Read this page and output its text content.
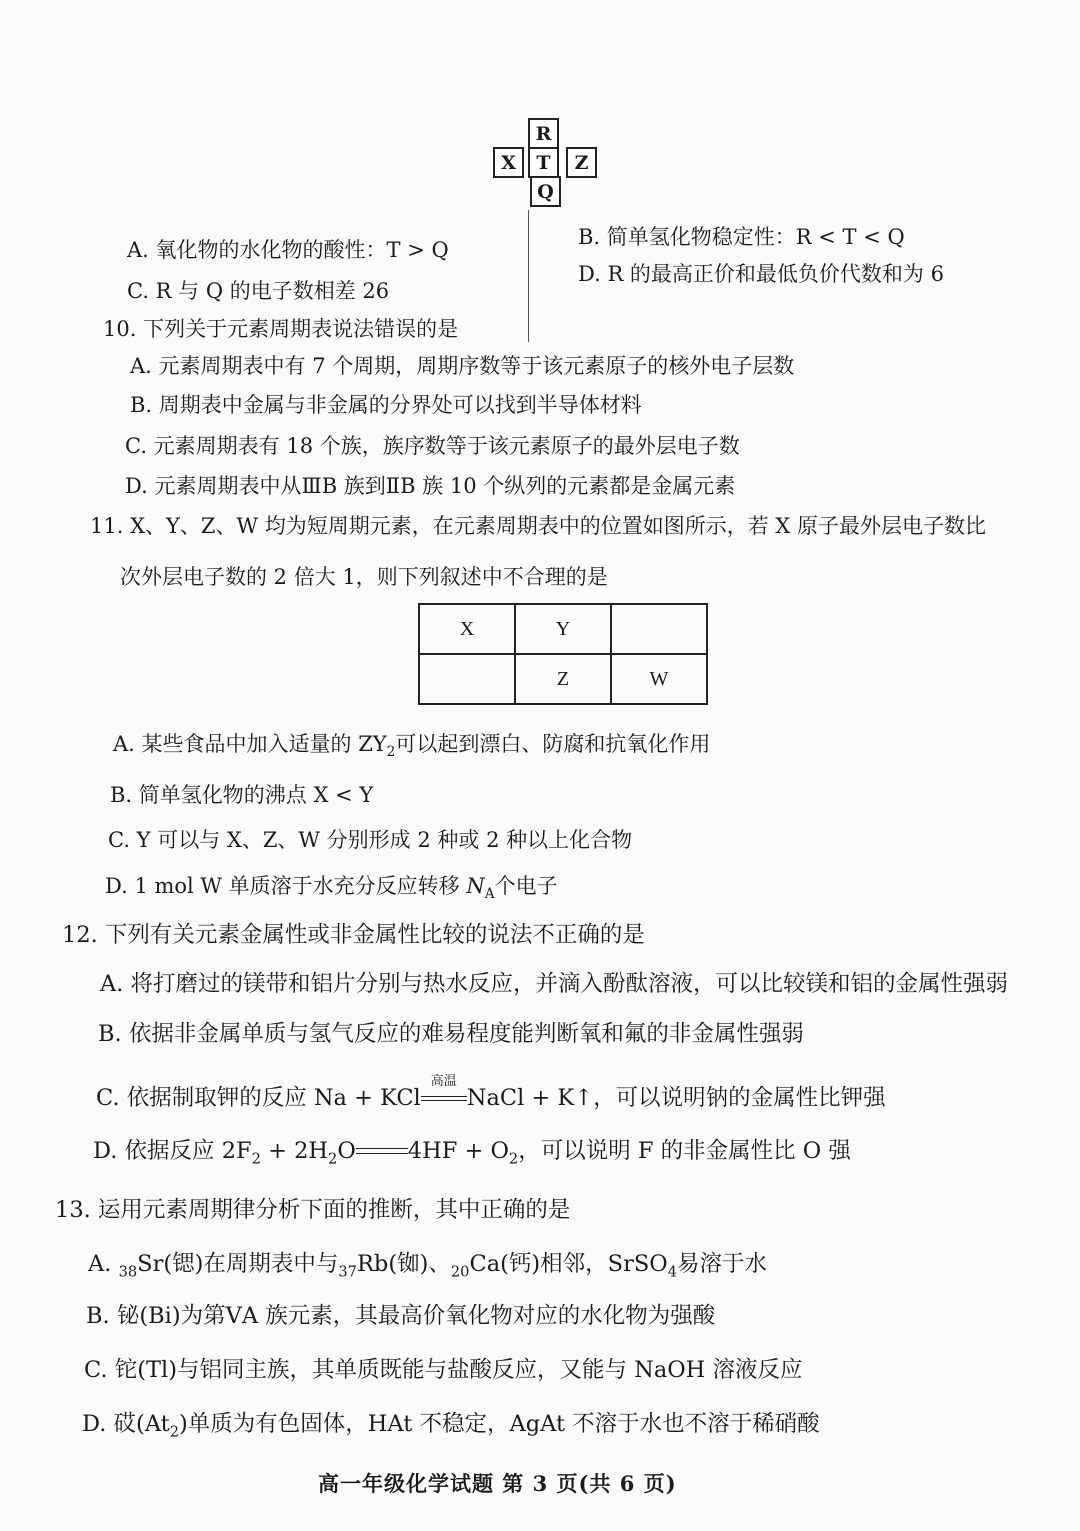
R
X	T	Z
Q
A. 氧化物的水化物的酸性：T > Q
B. 简单氢化物稳定性：R < T < Q
C. R 与 Q 的电子数相差 26
D. R 的最高正价和最低负价代数和为 6
10. 下列关于元素周期表说法错误的是
A. 元素周期表中有 7 个周期，周期序数等于该元素原子的核外电子层数
B. 周期表中金属与非金属的分界处可以找到半导体材料
C. 元素周期表有 18 个族，族序数等于该元素原子的最外层电子数
D. 元素周期表中从ⅢB 族到ⅡB 族 10 个纵列的元素都是金属元素
11. X、Y、Z、W 均为短周期元素，在元素周期表中的位置如图所示，若 X 原子最外层电子数比
次外层电子数的 2 倍大 1，则下列叙述中不合理的是
X	Y	
	Z	W
A. 某些食品中加入适量的 $ZY_2$可以起到漂白、防腐和抗氧化作用
B. 简单氢化物的沸点 X < Y
C. Y 可以与 X、Z、W 分别形成 2 种或 2 种以上化合物
D. 1 mol W 单质溶于水充分反应转移 $N_A$个电子
12. 下列有关元素金属性或非金属性比较的说法不正确的是
A. 将打磨过的镁带和铝片分别与热水反应，并滴入酚酞溶液，可以比较镁和铝的金属性强弱
B. 依据非金属单质与氢气反应的难易程度能判断氧和氟的非金属性强弱
C. 依据制取钾的反应 Na + KCl
高温
NaCl + K↑，可以说明钠的金属性比钾强
D. 依据反应 $2F_2 + 2H_2O$ $4HF + O_2$，可以说明 F 的非金属性比 O 强
13. 运用元素周期律分析下面的推断，其中正确的是
A. $_{38}$Sr(锶)在周期表中与$_{37}$Rb(铷)、$_{20}$Ca(钙)相邻，SrSO$_4$易溶于水
B. 铋(Bi)为第ⅤA 族元素，其最高价氧化物对应的水化物为强酸
C. 铊(Tl)与铝同主族，其单质既能与盐酸反应，又能与 NaOH 溶液反应
D. 砹$(At_2)$单质为有色固体，HAt 不稳定，AgAt 不溶于水也不溶于稀硝酸
高一年级化学试题 第 3 页(共 6 页)
